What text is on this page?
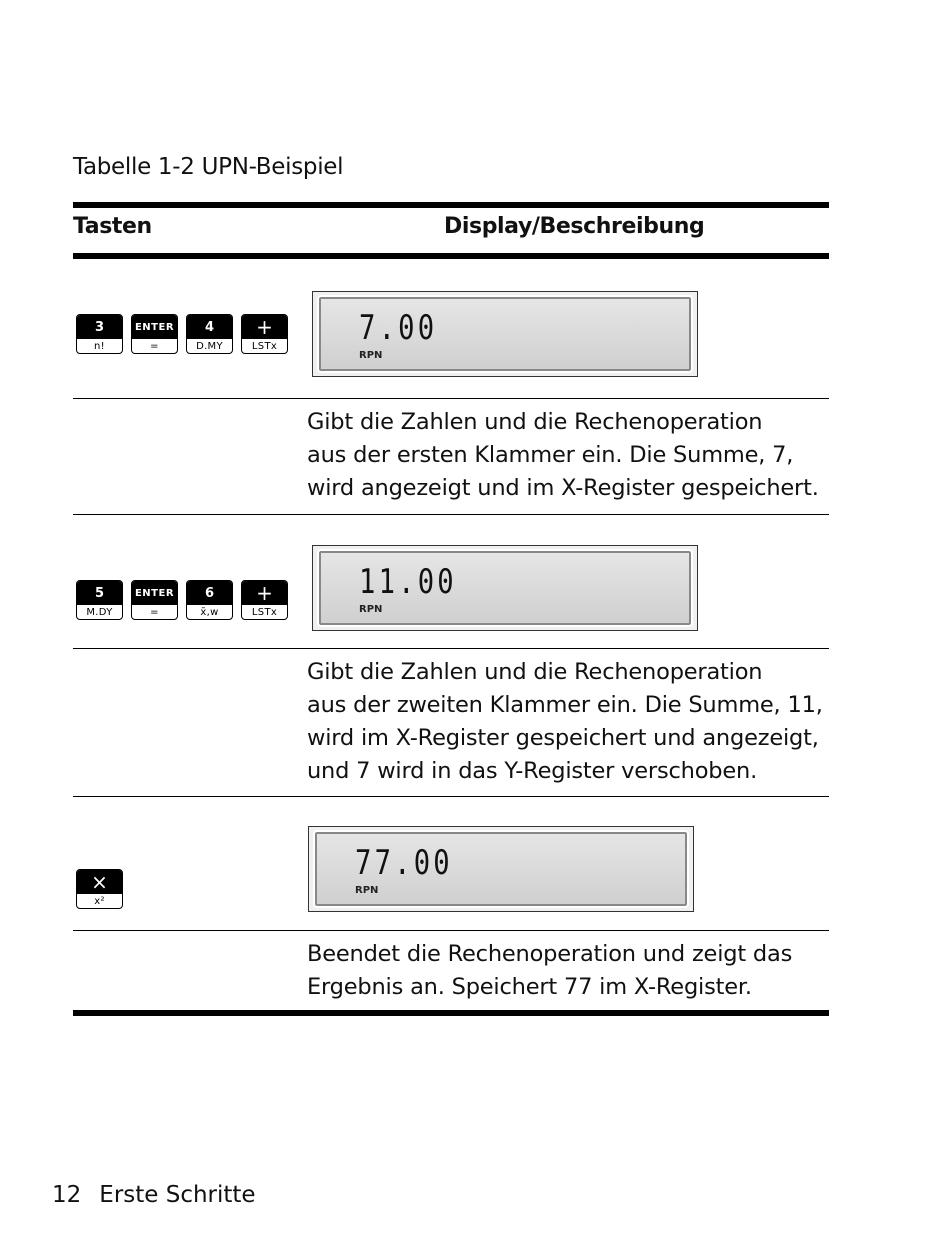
Tabelle 1-2 UPN-Beispiel
Tasten	Display/Beschreibung
3
n!
ENTER
=
4
D.MY
+
LSTx 7.00
RPN
Gibt die Zahlen und die Rechenoperation
aus der ersten Klammer ein. Die Summe, 7,
wird angezeigt und im X-Register gespeichert.
5
M.DY
ENTER
=
6
x̄,w
+
LSTx
11.00
RPN
Gibt die Zahlen und die Rechenoperation
aus der zweiten Klammer ein. Die Summe, 11,
wird im X-Register gespeichert und angezeigt,
und 7 wird in das Y-Register verschoben.
×
x²
77.00
RPN
Beendet die Rechenoperation und zeigt das
Ergebnis an. Speichert 77 im X-Register.
12 Erste Schritte
